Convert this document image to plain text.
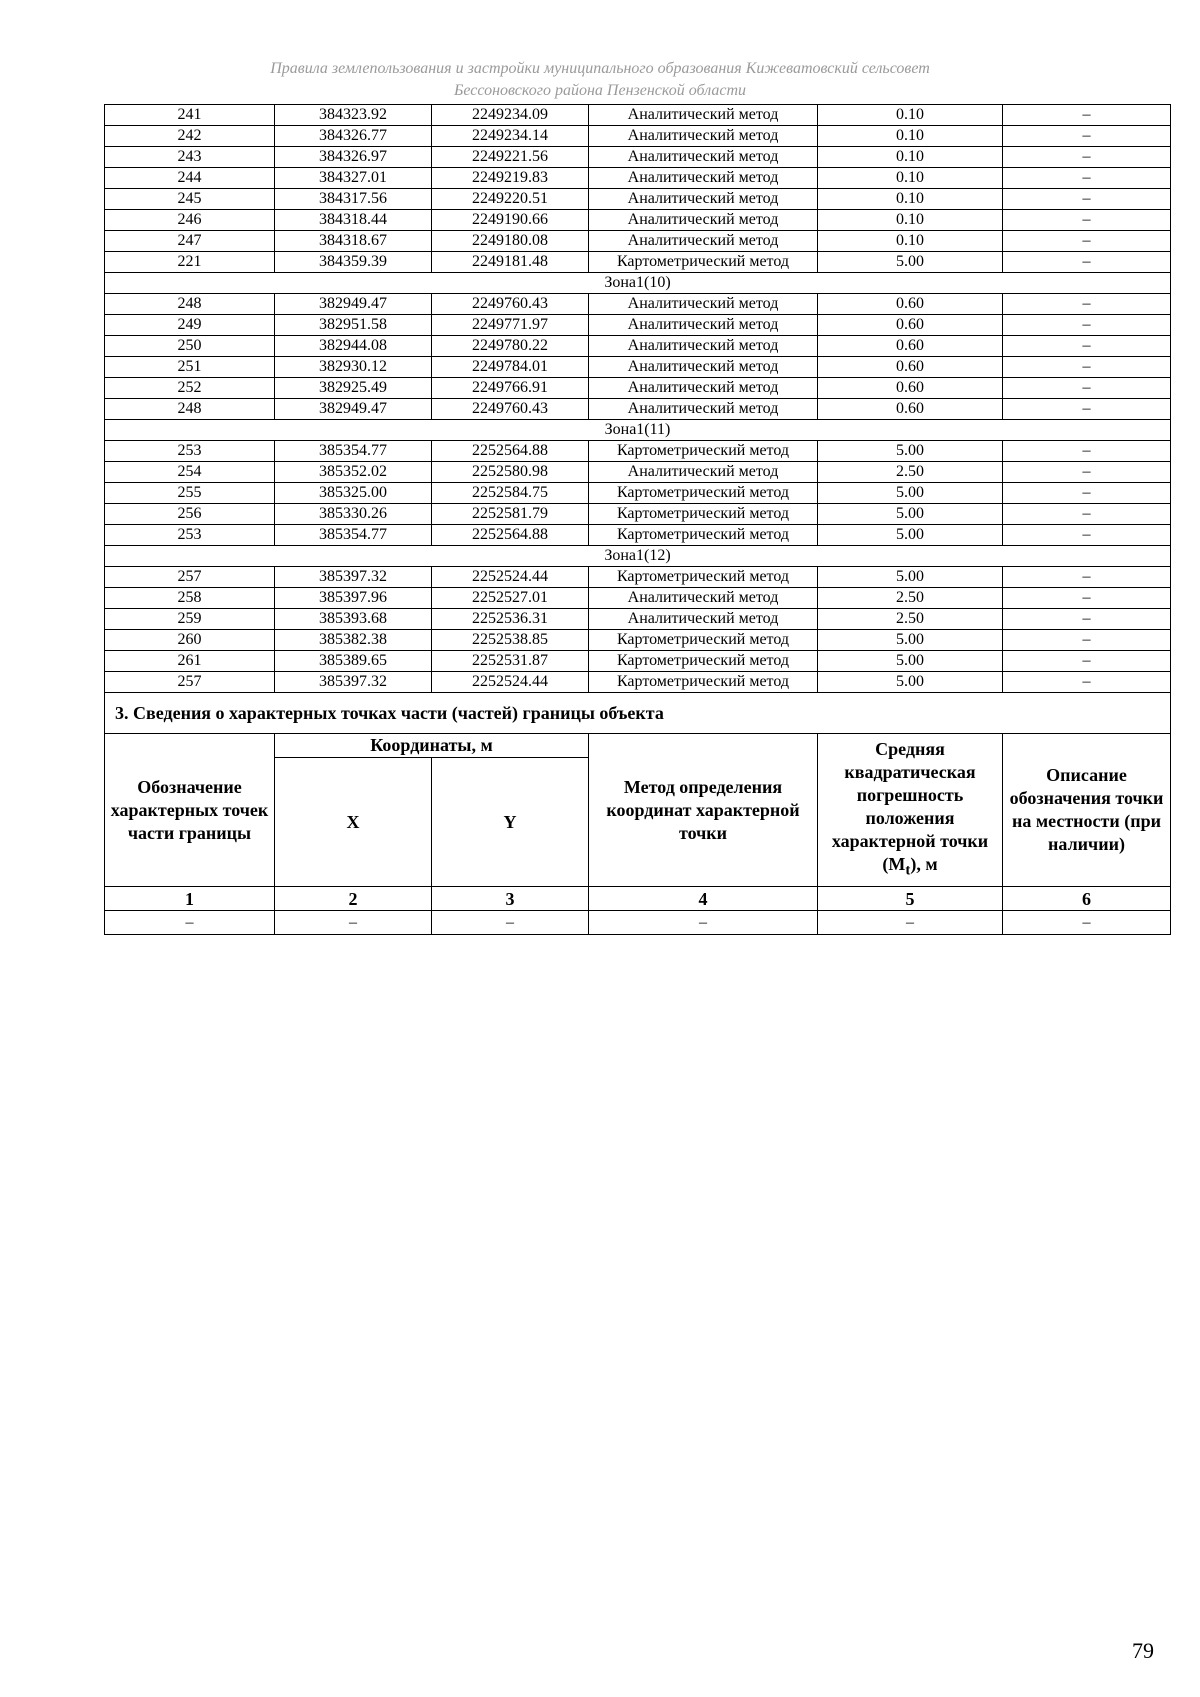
Правила землепользования и застройки муниципального образования Кижеватовский сельсовет
Бессоновского района Пензенской области
241	384323.92	2249234.09	Аналитический метод	0.10	–
242	384326.77	2249234.14	Аналитический метод	0.10	–
243	384326.97	2249221.56	Аналитический метод	0.10	–
244	384327.01	2249219.83	Аналитический метод	0.10	–
245	384317.56	2249220.51	Аналитический метод	0.10	–
246	384318.44	2249190.66	Аналитический метод	0.10	–
247	384318.67	2249180.08	Аналитический метод	0.10	–
221	384359.39	2249181.48	Картометрический метод	5.00	–
Зона1(10)					
248	382949.47	2249760.43	Аналитический метод	0.60	–
249	382951.58	2249771.97	Аналитический метод	0.60	–
250	382944.08	2249780.22	Аналитический метод	0.60	–
251	382930.12	2249784.01	Аналитический метод	0.60	–
252	382925.49	2249766.91	Аналитический метод	0.60	–
248	382949.47	2249760.43	Аналитический метод	0.60	–
Зона1(11)					
253	385354.77	2252564.88	Картометрический метод	5.00	–
254	385352.02	2252580.98	Аналитический метод	2.50	–
255	385325.00	2252584.75	Картометрический метод	5.00	–
256	385330.26	2252581.79	Картометрический метод	5.00	–
253	385354.77	2252564.88	Картометрический метод	5.00	–
Зона1(12)					
257	385397.32	2252524.44	Картометрический метод	5.00	–
258	385397.96	2252527.01	Аналитический метод	2.50	–
259	385393.68	2252536.31	Аналитический метод	2.50	–
260	385382.38	2252538.85	Картометрический метод	5.00	–
261	385389.65	2252531.87	Картометрический метод	5.00	–
257	385397.32	2252524.44	Картометрический метод	5.00	–
3. Сведения о характерных точках части (частей) границы объекта					
Обозначение характерных точек части границы	Координаты, м		Метод определения координат характерной точки	Средняя квадратическая погрешность положения характерной точки $(М_t)$, м	Описание обозначения точки на местности (при наличии)
	X	Y			
1	2	3	4	5	6
–	–	–	–	–	–
79
